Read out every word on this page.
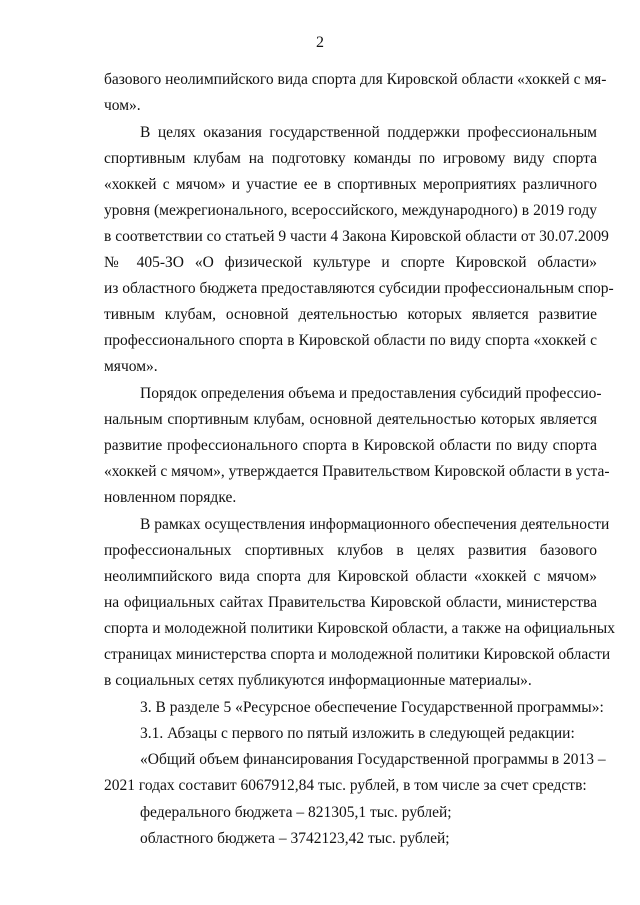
2
базового неолимпийского вида спорта для Кировской области «хоккей с мя-
чом».
В целях оказания государственной поддержки профессиональным
спортивным клубам на подготовку команды по игровому виду спорта
«хоккей с мячом» и участие ее в спортивных мероприятиях различного
уровня (межрегионального, всероссийского, международного) в 2019 году
в соответствии со статьей 9 части 4 Закона Кировской области от 30.07.2009
№ 405-ЗО «О физической культуре и спорте Кировской области»
из областного бюджета предоставляются субсидии профессиональным спор-
тивным клубам, основной деятельностью которых является развитие
профессионального спорта в Кировской области по виду спорта «хоккей с
мячом».
Порядок определения объема и предоставления субсидий профессио-
нальным спортивным клубам, основной деятельностью которых является
развитие профессионального спорта в Кировской области по виду спорта
«хоккей с мячом», утверждается Правительством Кировской области в уста-
новленном порядке.
В рамках осуществления информационного обеспечения деятельности
профессиональных спортивных клубов в целях развития базового
неолимпийского вида спорта для Кировской области «хоккей с мячом»
на официальных сайтах Правительства Кировской области, министерства
спорта и молодежной политики Кировской области, а также на официальных
страницах министерства спорта и молодежной политики Кировской области
в социальных сетях публикуются информационные материалы».
3. В разделе 5 «Ресурсное обеспечение Государственной программы»:
3.1. Абзацы с первого по пятый изложить в следующей редакции:
«Общий объем финансирования Государственной программы в 2013 –
2021 годах составит 6067912,84 тыс. рублей, в том числе за счет средств:
федерального бюджета – 821305,1 тыс. рублей;
областного бюджета – 3742123,42 тыс. рублей;
